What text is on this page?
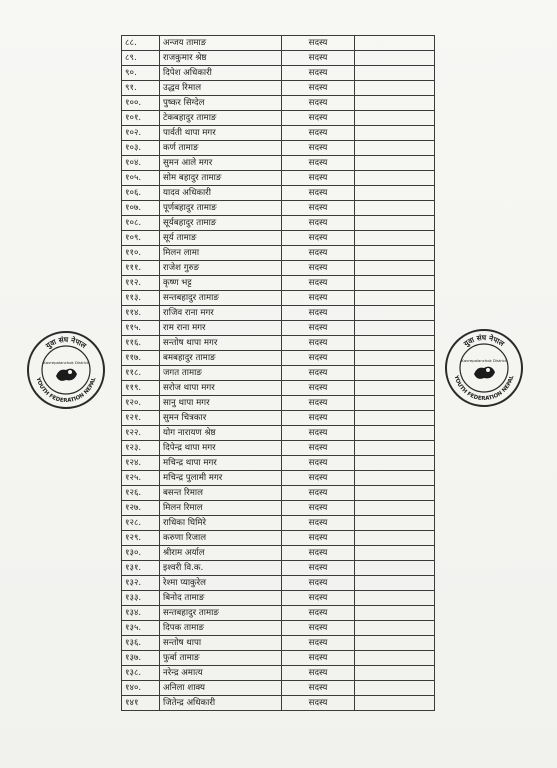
८८.	अन्जय तामाङ	सदस्य	
८९.	राजकुमार श्रेष्ठ	सदस्य	
९०.	दिपेश अधिकारी	सदस्य	
९१.	उद्धव रिमाल	सदस्य	
१००.	पुष्कर सिग्देल	सदस्य	
१०१.	टेकबहादुर तामाङ	सदस्य	
१०२.	पार्वती थापा मगर	सदस्य	
१०३.	कर्ण तामाङ	सदस्य	
१०४.	सुमन आले मगर	सदस्य	
१०५.	सोम बहादुर तामाङ	सदस्य	
१०६.	यादव अधिकारी	सदस्य	
१०७.	पूर्णबहादुर तामाङ	सदस्य	
१०८.	सूर्यबहादुर तामाङ	सदस्य	
१०९.	सूर्य तामाङ	सदस्य	
११०.	मिलन लामा	सदस्य	
१११.	राजेश गुरुङ	सदस्य	
११२.	कृष्ण भट्ट	सदस्य	
११३.	सन्तबहादुर तामाङ	सदस्य	
११४.	राजिव राना मगर	सदस्य	
११५.	राम राना मगर	सदस्य	
११६.	सन्तोष थापा मगर	सदस्य	
११७.	बमबहादुर तामाङ	सदस्य	
११८.	जगत तामाङ	सदस्य	
११९.	सरोज थापा मगर	सदस्य	
१२०.	सानु थापा मगर	सदस्य	
१२१.	सुमन चित्रकार	सदस्य	
१२२.	योग नारायण श्रेष्ठ	सदस्य	
१२३.	दिपेन्द्र थापा मगर	सदस्य	
१२४.	मचिन्द्र थापा मगर	सदस्य	
१२५.	मचिन्द्र पुलामी मगर	सदस्य	
१२६.	बसन्त रिमाल	सदस्य	
१२७.	मिलन रिमाल	सदस्य	
१२८.	राधिका घिमिरे	सदस्य	
१२९.	करुणा रिजाल	सदस्य	
१३०.	श्रीराम अर्याल	सदस्य	
१३१.	इश्वरी वि.क.	सदस्य	
१३२.	रेश्मा प्याकुरेल	सदस्य	
१३३.	बिनोद तामाङ	सदस्य	
१३४.	सन्तबहादुर तामाङ	सदस्य	
१३५.	दिपक तामाङ	सदस्य	
१३६.	सन्तोष थापा	सदस्य	
१३७.	फुर्बा तामाङ	सदस्य	
१३८.	नरेन्द्र अमात्य	सदस्य	
१४०.	अनिला शाक्य	सदस्य	
१४१	जितेन्द्र अधिकारी	सदस्य	
युवा संघ नेपाल
YOUTH FEDERATION NEPAL
Kavrepalanchok District
युवा संघ नेपाल
YOUTH FEDERATION NEPAL
Kavrepalanchok District
